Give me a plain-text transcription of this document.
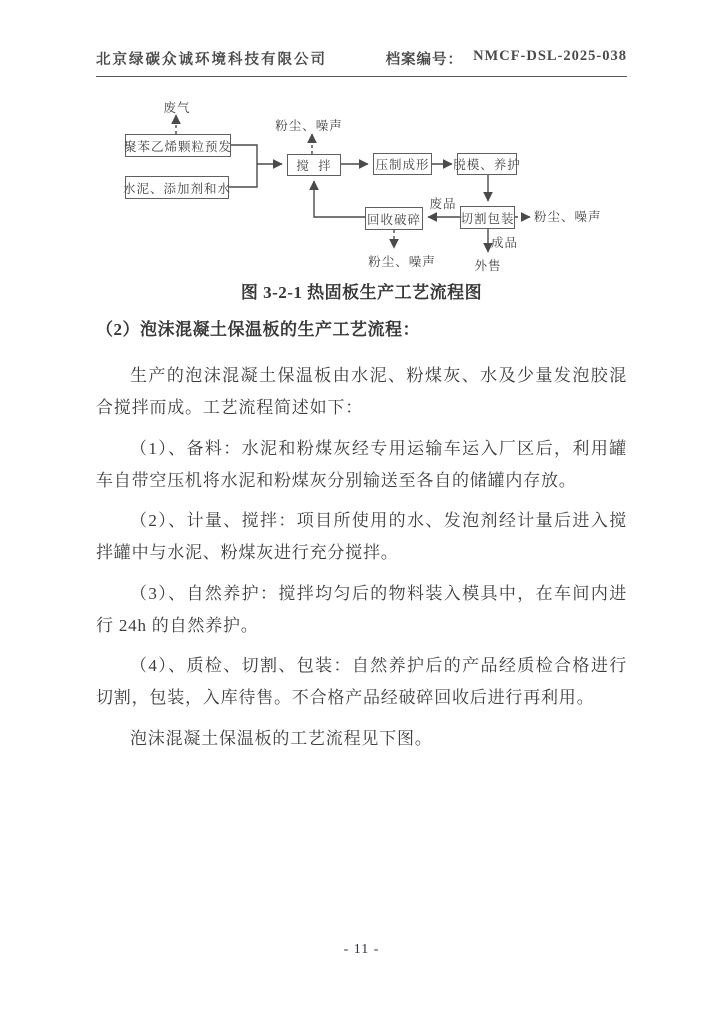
北京绿碳众诚环境科技有限公司	档案编号： NMCF-DSL-2025-038
聚苯乙烯颗粒预发
水泥、添加剂和水
搅  拌	压制成形 脱模、养护
切割包装
回收破碎
废气
粉尘、噪声
粉尘、噪声
粉尘、噪声
废品
成品
外售
图 3-2-1 热固板生产工艺流程图
（2）泡沫混凝土保温板的生产工艺流程：

生产的泡沫混凝土保温板由水泥、粉煤灰、水及少量发泡胶混合搅拌而成。工艺流程简述如下：

（1）、备料：水泥和粉煤灰经专用运输车运入厂区后，利用罐车自带空压机将水泥和粉煤灰分别输送至各自的储罐内存放。

（2）、计量、搅拌：项目所使用的水、发泡剂经计量后进入搅拌罐中与水泥、粉煤灰进行充分搅拌。

（3）、自然养护：搅拌均匀后的物料装入模具中，在车间内进行 24h 的自然养护。

（4）、质检、切割、包装：自然养护后的产品经质检合格进行切割，包装，入库待售。不合格产品经破碎回收后进行再利用。

泡沫混凝土保温板的工艺流程见下图。

- 11 -
